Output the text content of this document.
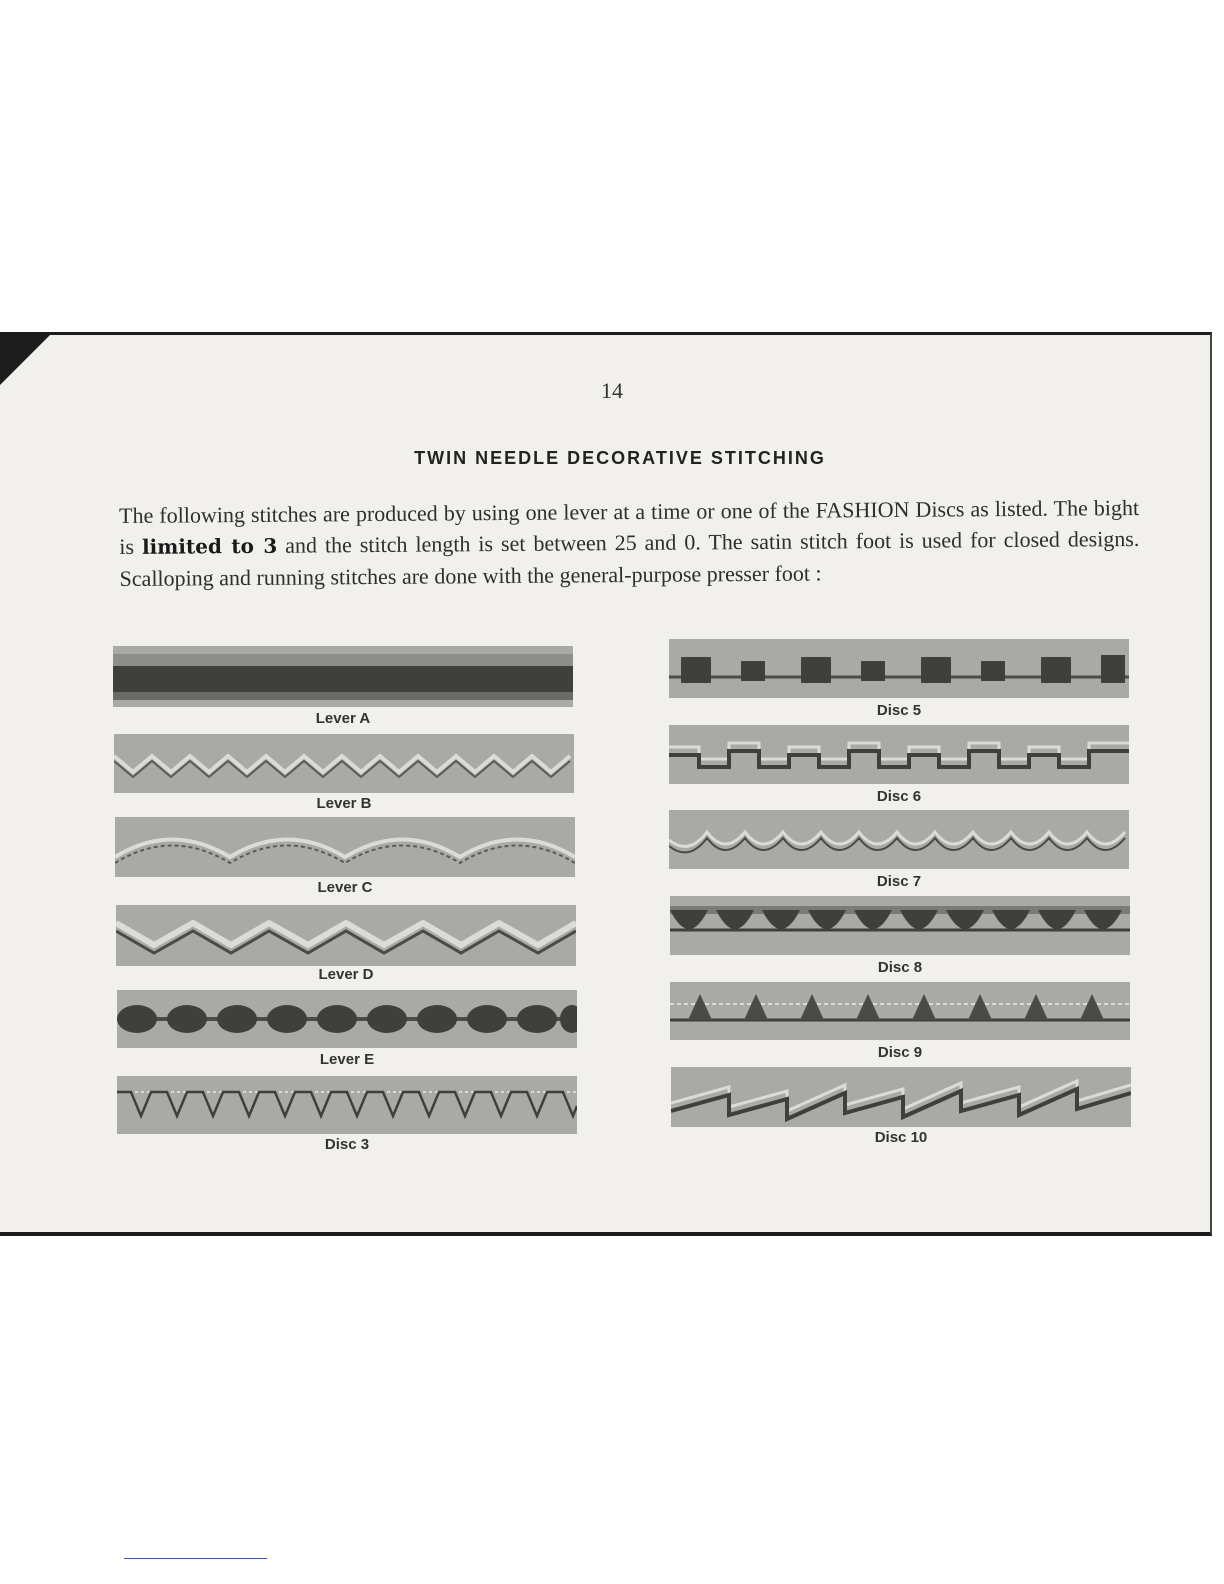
14
TWIN NEEDLE DECORATIVE STITCHING
The following stitches are produced by using one lever at a time or one of the FASHION Discs as listed. The bight is limited to 3 and the stitch length is set between 25 and 0. The satin stitch foot is used for closed designs. Scalloping and running stitches are done with the general-purpose presser foot :
Lever A
Lever B
Lever C
Lever D
Lever E
Disc 3
Disc 5
Disc 6
Disc 7
Disc 8
Disc 9
Disc 10
